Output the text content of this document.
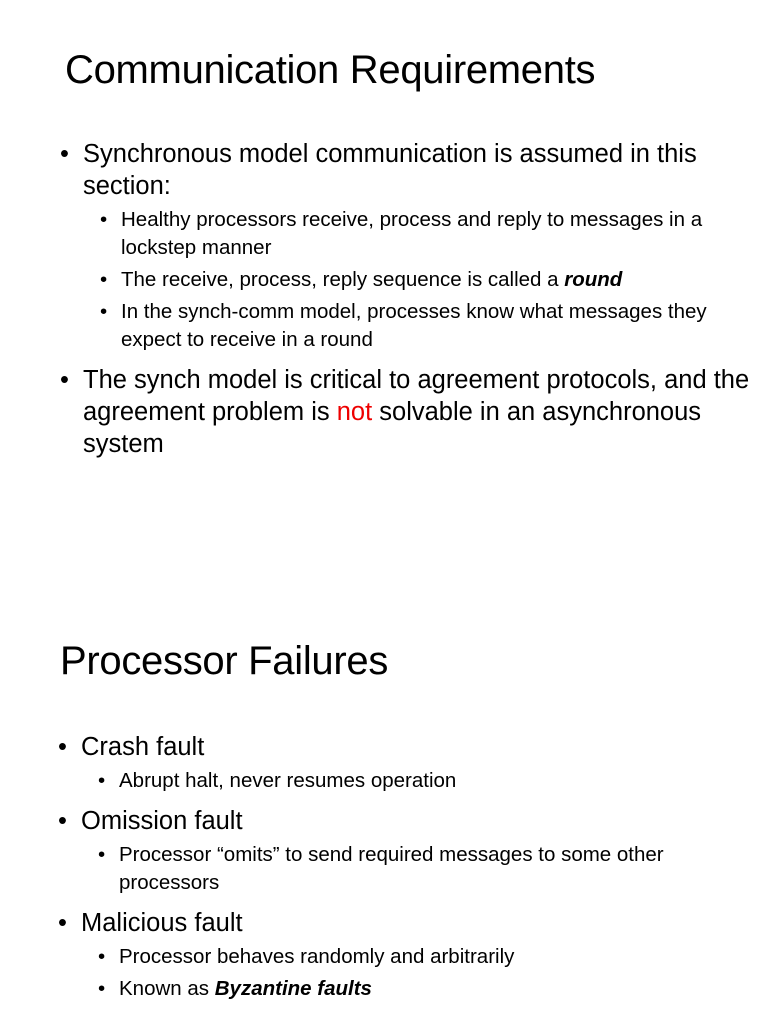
Communication Requirements
• Synchronous model communication is assumed in this section:
• Healthy processors receive, process and reply to messages in a lockstep manner
• The receive, process, reply sequence is called a round
• In the synch-comm model, processes know what messages they expect to receive in a round
• The synch model is critical to agreement protocols, and the agreement problem is not solvable in an asynchronous system
Processor Failures
• Crash fault
• Abrupt halt, never resumes operation
• Omission fault
• Processor “omits” to send required messages to some other processors
• Malicious fault
• Processor behaves randomly and arbitrarily
• Known as Byzantine faults
